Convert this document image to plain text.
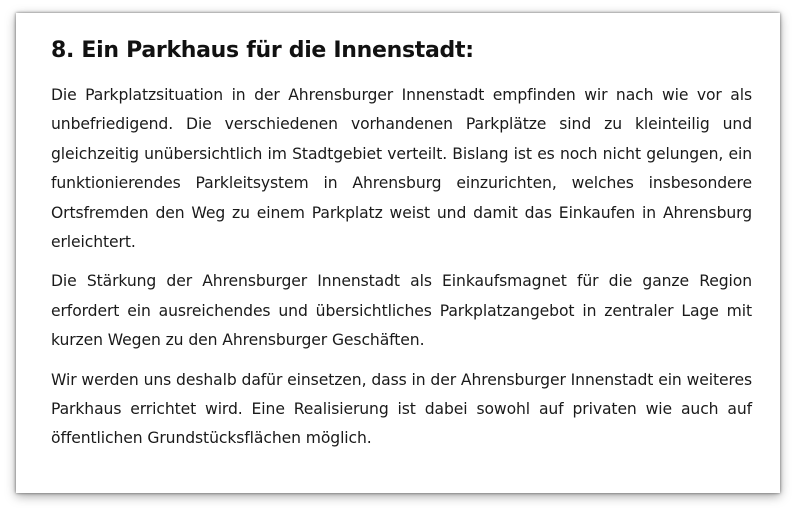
8. Ein Parkhaus für die Innenstadt:

Die Parkplatzsituation in der Ahrensburger Innenstadt empfinden wir nach wie vor als unbefriedigend. Die verschiedenen vorhandenen Parkplätze sind zu kleinteilig und gleichzeitig unübersichtlich im Stadtgebiet verteilt. Bislang ist es noch nicht gelungen, ein funktionierendes Parkleitsystem in Ahrensburg einzurichten, welches insbesondere Ortsfremden den Weg zu einem Parkplatz weist und damit das Einkaufen in Ahrensburg erleichtert.

Die Stärkung der Ahrensburger Innenstadt als Einkaufsmagnet für die ganze Region erfordert ein ausreichendes und übersichtliches Parkplatzangebot in zentraler Lage mit kurzen Wegen zu den Ahrensburger Geschäften.

Wir werden uns deshalb dafür einsetzen, dass in der Ahrensburger Innenstadt ein weiteres Parkhaus errichtet wird. Eine Realisierung ist dabei sowohl auf privaten wie auch auf öffentlichen Grundstücksflächen möglich.
